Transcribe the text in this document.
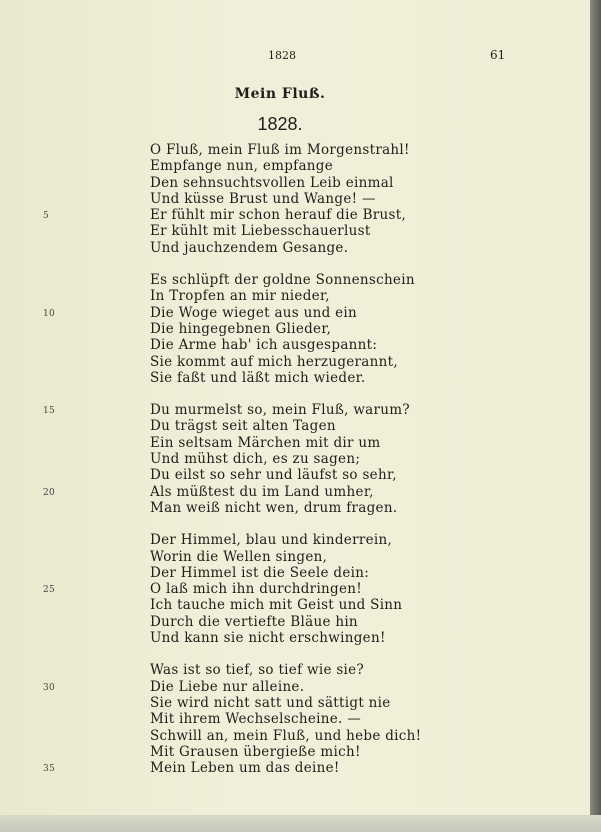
1828	61
Mein Fluß.
1828.
O Fluß, mein Fluß im Morgenstrahl!
Empfange nun, empfange
Den sehnsuchtsvollen Leib einmal
Und küsse Brust und Wange! —
Er fühlt mir schon herauf die Brust,
5
Er kühlt mit Liebesschauerlust
Und jauchzendem Gesange.
Es schlüpft der goldne Sonnenschein
In Tropfen an mir nieder,
Die Woge wieget aus und ein
10
Die hingegebnen Glieder,
Die Arme hab' ich ausgespannt:
Sie kommt auf mich herzugerannt,
Sie faßt und läßt mich wieder.
Du murmelst so, mein Fluß, warum?
15
Du trägst seit alten Tagen
Ein seltsam Märchen mit dir um
Und mühst dich, es zu sagen;
Du eilst so sehr und läufst so sehr,
Als müßtest du im Land umher,
20
Man weiß nicht wen, drum fragen.
Der Himmel, blau und kinderrein,
Worin die Wellen singen,
Der Himmel ist die Seele dein:
O laß mich ihn durchdringen!
25
Ich tauche mich mit Geist und Sinn
Durch die vertiefte Bläue hin
Und kann sie nicht erschwingen!
Was ist so tief, so tief wie sie?
Die Liebe nur alleine.
30
Sie wird nicht satt und sättigt nie
Mit ihrem Wechselscheine. —
Schwill an, mein Fluß, und hebe dich!
Mit Grausen übergieße mich!
Mein Leben um das deine!
35
